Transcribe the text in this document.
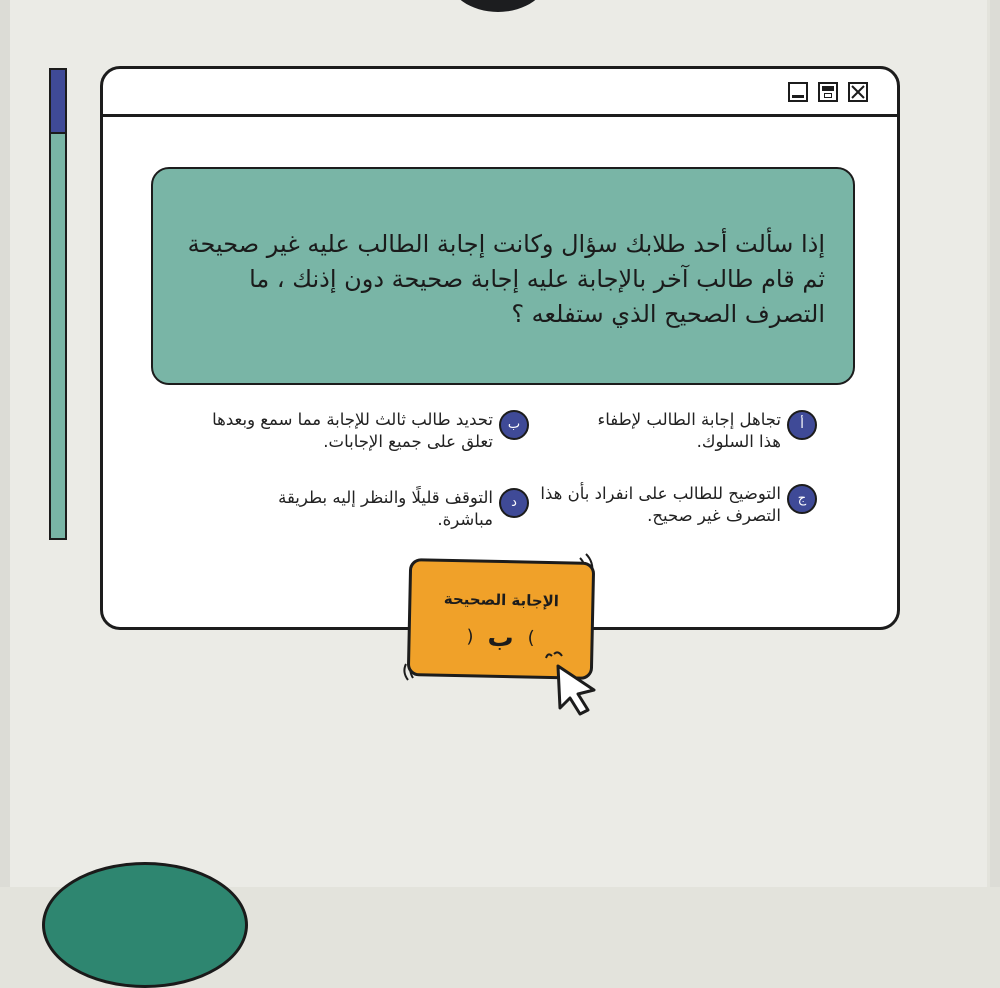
إذا سألت أحد طلابك سؤال وكانت إجابة الطالب عليه غير صحيحة ثم قام طالب آخر بالإجابة عليه إجابة صحيحة دون إذنك ، ما التصرف الصحيح الذي ستفلعه ؟

أ

تجاهل إجابة الطالب لإطفاء هذا السلوك.

ب

تحديد طالب ثالث للإجابة مما سمع وبعدها تعلق على جميع الإجابات.

ج

التوضيح للطالب على انفراد بأن هذا التصرف غير صحيح.

د

التوقف قليلًا والنظر إليه بطريقة مباشرة.

الإجابة الصحيحة
)ب(
